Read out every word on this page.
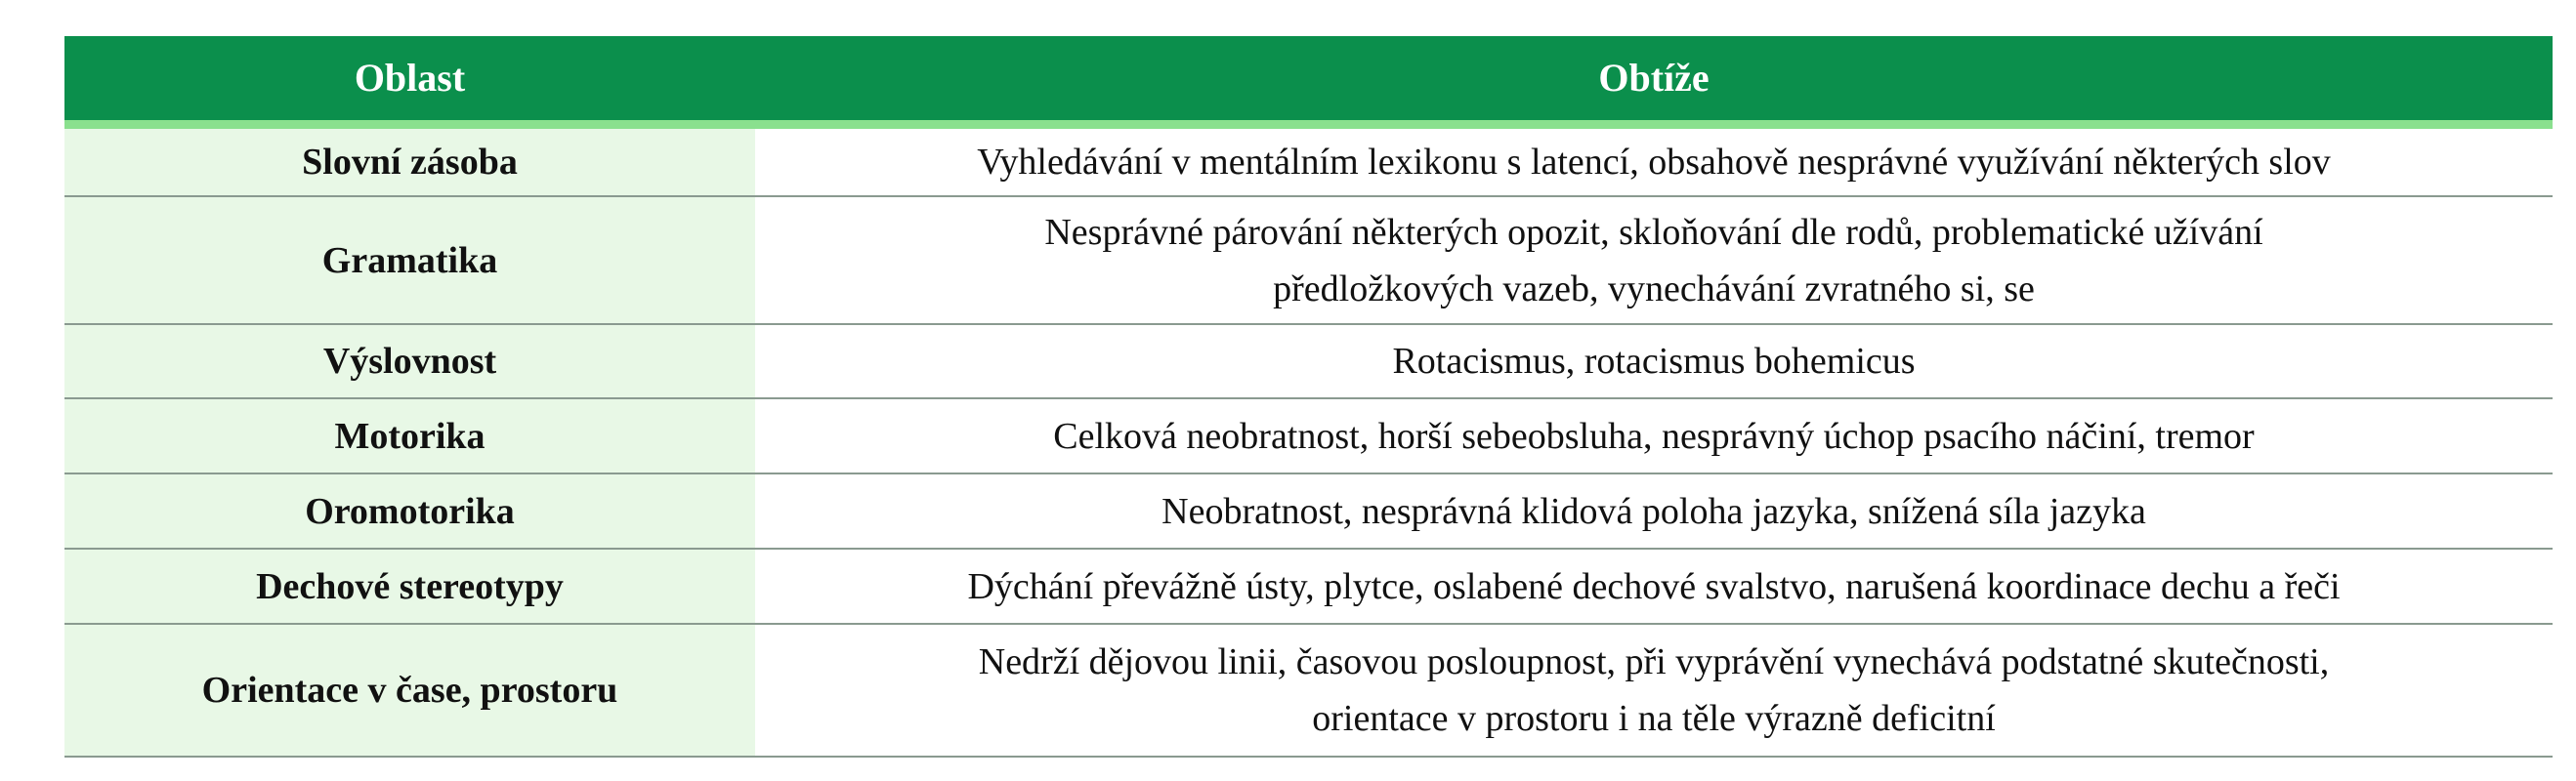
Oblast	Obtíže
Slovní zásoba	Vyhledávání v mentálním lexikonu s latencí, obsahově nesprávné využívání některých slov
Gramatika	Nesprávné párování některých opozit, skloňování dle rodů, problematické užívání
předložkových vazeb, vynechávání zvratného si, se
Výslovnost	Rotacismus, rotacismus bohemicus
Motorika	Celková neobratnost, horší sebeobsluha, nesprávný úchop psacího náčiní, tremor
Oromotorika	Neobratnost, nesprávná klidová poloha jazyka, snížená síla jazyka
Dechové stereotypy	Dýchání převážně ústy, plytce, oslabené dechové svalstvo, narušená koordinace dechu a řeči
Orientace v čase, prostoru	Nedrží dějovou linii, časovou posloupnost, při vyprávění vynechává podstatné skutečnosti,
orientace v prostoru i na těle výrazně deficitní
